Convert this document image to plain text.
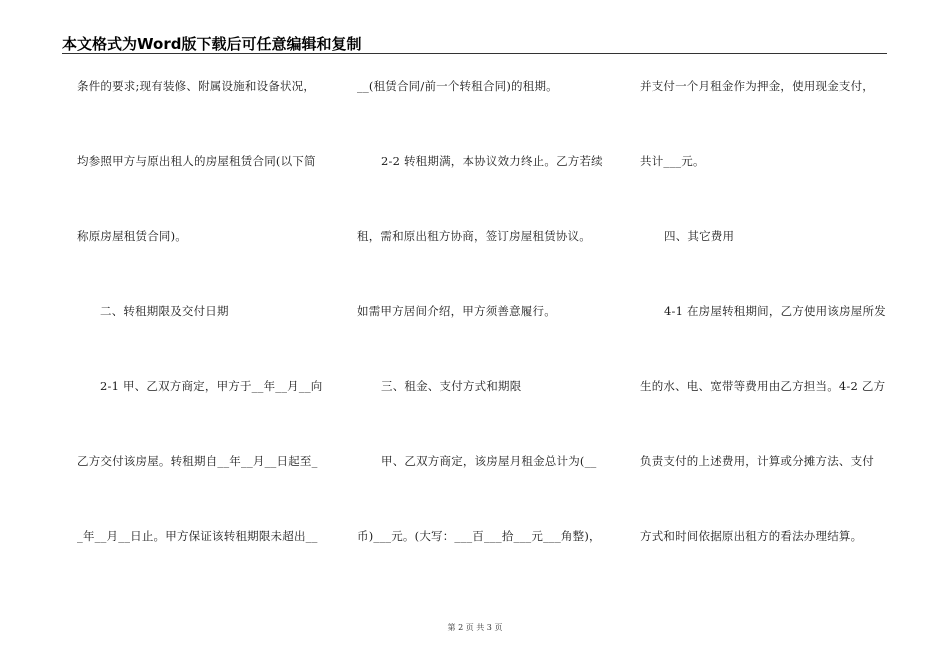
本文格式为Word版下载后可任意编辑和复制
条件的要求;现有装修、附属设施和设备状况，
均参照甲方与原出租人的房屋租赁合同(以下简
称原房屋租赁合同)。
二、转租期限及交付日期
2-1 甲、乙双方商定，甲方于__年__月__向
乙方交付该房屋。转租期自__年__月__日起至_
_年__月__日止。甲方保证该转租期限未超出__
__(租赁合同/前一个转租合同)的租期。
2-2 转租期满，本协议效力终止。乙方若续
租，需和原出租方协商，签订房屋租赁协议。
如需甲方居间介绍，甲方须善意履行。
三、租金、支付方式和期限
甲、乙双方商定，该房屋月租金总计为(__
币)___元。(大写：___百___拾___元___角整)，
并支付一个月租金作为押金，使用现金支付，
共计___元。
四、其它费用
4-1 在房屋转租期间，乙方使用该房屋所发
生的水、电、宽带等费用由乙方担当。4-2 乙方
负责支付的上述费用，计算或分摊方法、支付
方式和时间依据原出租方的看法办理结算。
第 2 页 共 3 页
